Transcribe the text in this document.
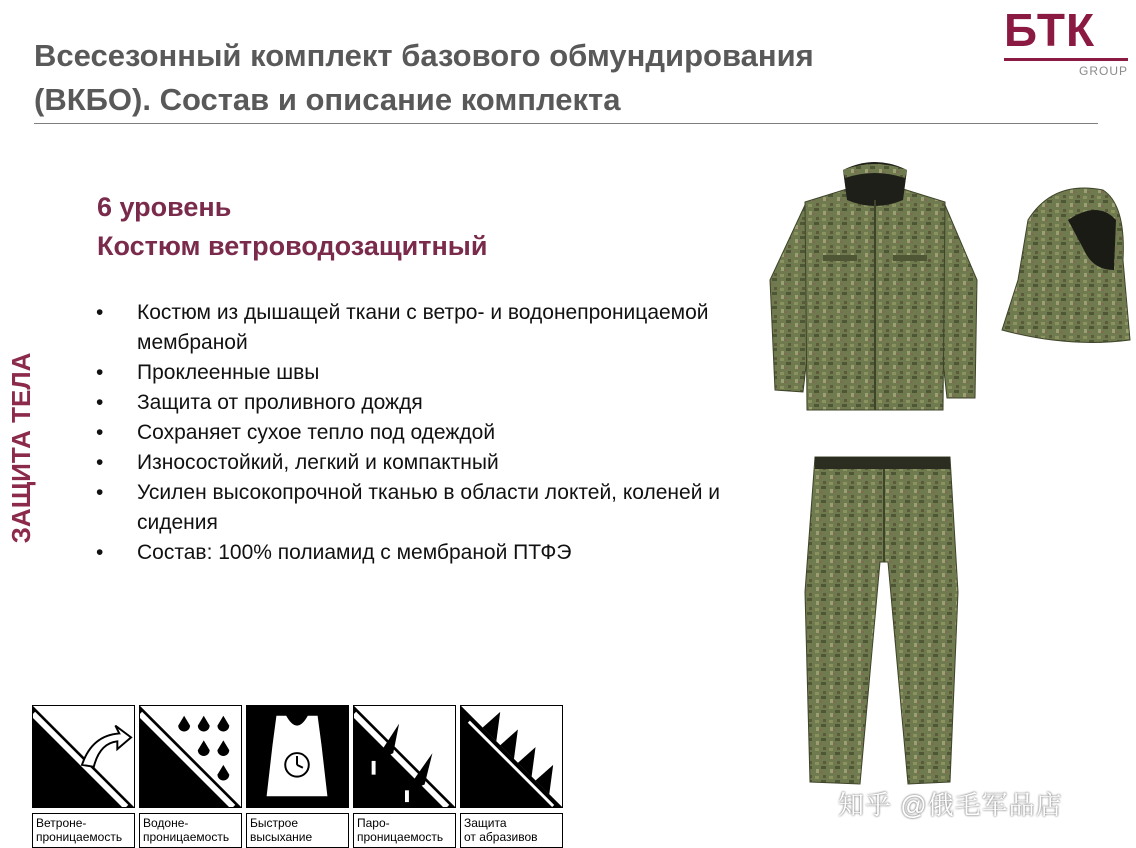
Всесезонный комплект базового обмундирования
(ВКБО). Состав и описание комплекта
БТК
GROUP
ЗАЩИТА ТЕЛА
6 уровень
Костюм ветроводозащитный
• Костюм из дышащей ткани с ветро- и водонепроницаемой мембраной
• Проклеенные швы
• Защита от проливного дождя
• Сохраняет сухое тепло под одеждой
• Износостойкий, легкий и компактный
• Усилен высокопрочной тканью в области локтей, коленей и сидения
• Состав: 100% полиамид с мембраной ПТФЭ
Ветроне-
проницаемость
Водоне-
проницаемость
Быстрое
высыхание
Паро-
проницаемость
Защита
от абразивов
知乎 @俄毛军品店
